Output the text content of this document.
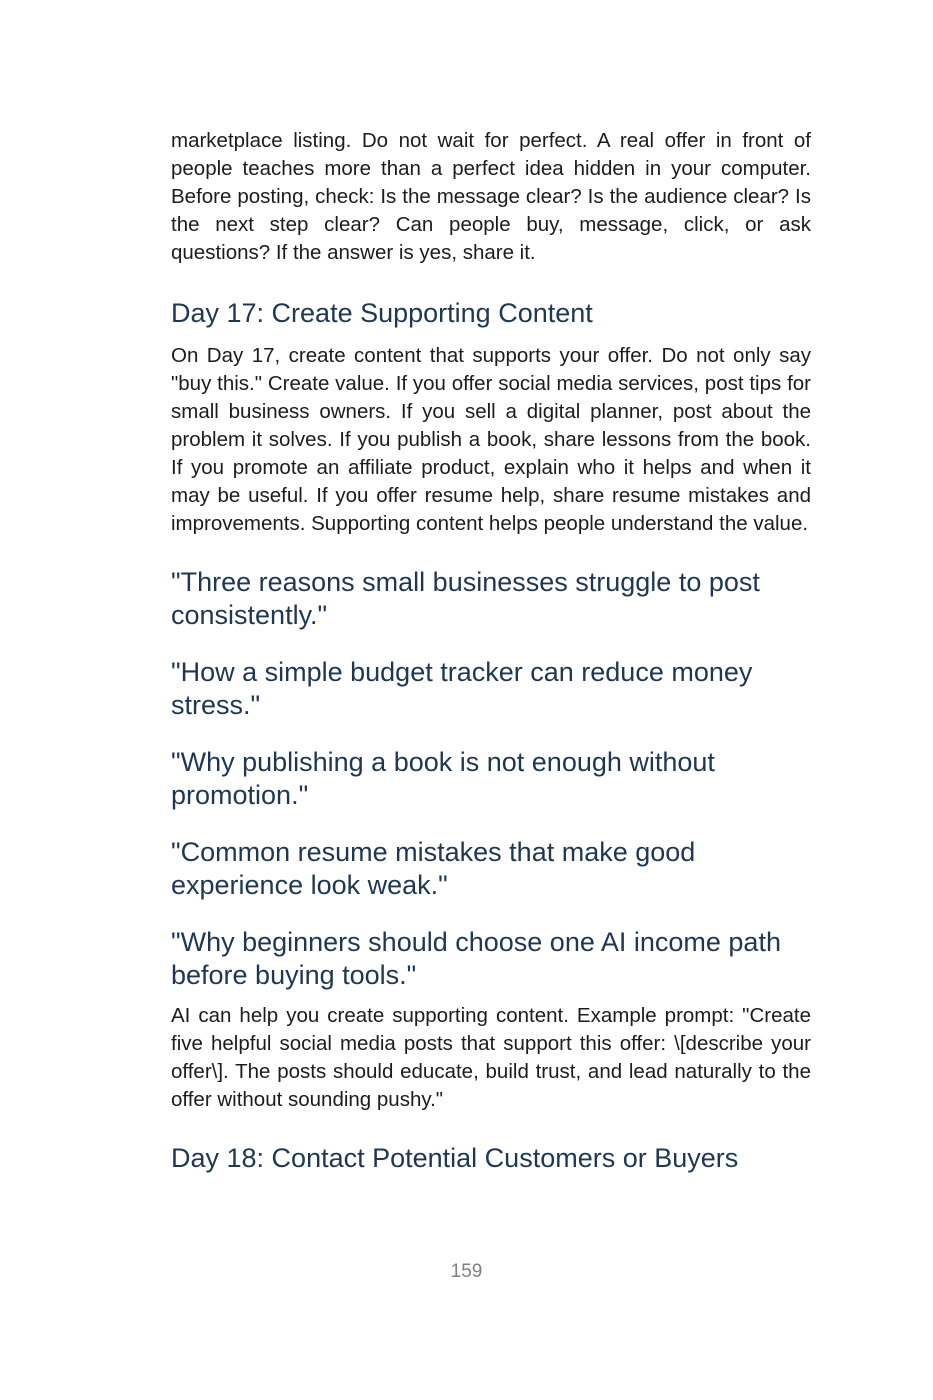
marketplace listing. Do not wait for perfect. A real offer in front of people teaches more than a perfect idea hidden in your computer. Before posting, check: Is the message clear? Is the audience clear? Is the next step clear? Can people buy, message, click, or ask questions? If the answer is yes, share it.

Day 17: Create Supporting Content

On Day 17, create content that supports your offer. Do not only say "buy this." Create value. If you offer social media services, post tips for small business owners. If you sell a digital planner, post about the problem it solves. If you publish a book, share lessons from the book. If you promote an affiliate product, explain who it helps and when it may be useful. If you offer resume help, share resume mistakes and improvements. Supporting content helps people understand the value.

"Three reasons small businesses struggle to post consistently."

"How a simple budget tracker can reduce money stress."

"Why publishing a book is not enough without promotion."

"Common resume mistakes that make good experience look weak."

"Why beginners should choose one AI income path before buying tools."

AI can help you create supporting content. Example prompt: "Create five helpful social media posts that support this offer: \[describe your offer\]. The posts should educate, build trust, and lead naturally to the offer without sounding pushy."

Day 18: Contact Potential Customers or Buyers
159
